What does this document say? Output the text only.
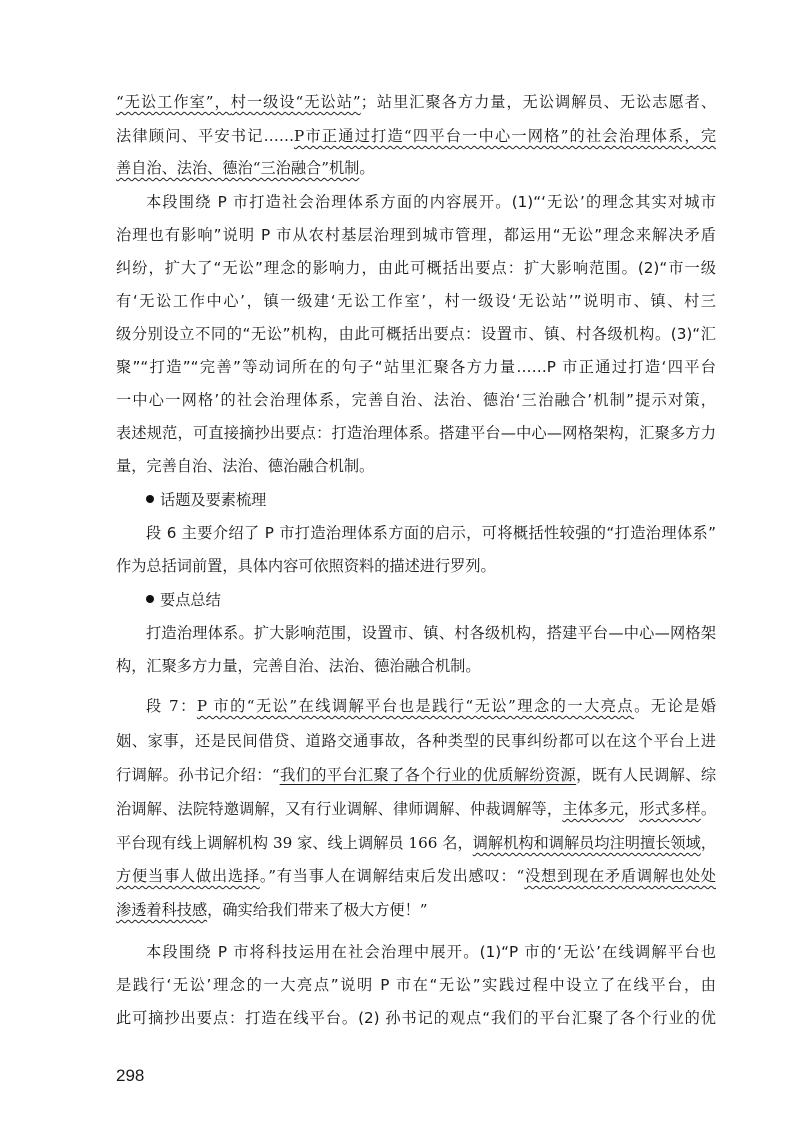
“无讼工作室”，村一级设“无讼站”；站里汇聚各方力量，无讼调解员、无讼志愿者、
法律顾问、平安书记……P市正通过打造“四平台一中心一网格”的社会治理体系，完
善自治、法治、德治“三治融合”机制。
本段围绕 P 市打造社会治理体系方面的内容展开。(1)“‘无讼’的理念其实对城市
治理也有影响”说明 P 市从农村基层治理到城市管理，都运用“无讼”理念来解决矛盾
纠纷，扩大了“无讼”理念的影响力，由此可概括出要点：扩大影响范围。(2)“市一级
有‘无讼工作中心’，镇一级建‘无讼工作室’，村一级设‘无讼站’”说明市、镇、村三
级分别设立不同的“无讼”机构，由此可概括出要点：设置市、镇、村各级机构。(3)“汇
聚”“打造”“完善”等动词所在的句子“站里汇聚各方力量……P 市正通过打造‘四平台
一中心一网格’的社会治理体系，完善自治、法治、德治‘三治融合’机制”提示对策，
表述规范，可直接摘抄出要点：打造治理体系。搭建平台—中心—网格架构，汇聚多方力
量，完善自治、法治、德治融合机制。
话题及要素梳理
段 6 主要介绍了 P 市打造治理体系方面的启示，可将概括性较强的“打造治理体系”
作为总括词前置，具体内容可依照资料的描述进行罗列。
要点总结
打造治理体系。扩大影响范围，设置市、镇、村各级机构，搭建平台—中心—网格架
构，汇聚多方力量，完善自治、法治、德治融合机制。
段 7：P 市的“无讼”在线调解平台也是践行“无讼”理念的一大亮点。无论是婚
姻、家事，还是民间借贷、道路交通事故，各种类型的民事纠纷都可以在这个平台上进
行调解。孙书记介绍：“我们的平台汇聚了各个行业的优质解纷资源，既有人民调解、综
治调解、法院特邀调解，又有行业调解、律师调解、仲裁调解等，主体多元，形式多样。
平台现有线上调解机构 39 家、线上调解员 166 名，调解机构和调解员均注明擅长领域，
方便当事人做出选择。”有当事人在调解结束后发出感叹：“没想到现在矛盾调解也处处
渗透着科技感，确实给我们带来了极大方便！”
本段围绕 P 市将科技运用在社会治理中展开。(1)“P 市的‘无讼’在线调解平台也
是践行‘无讼’理念的一大亮点”说明 P 市在“无讼”实践过程中设立了在线平台，由
此可摘抄出要点：打造在线平台。(2) 孙书记的观点“我们的平台汇聚了各个行业的优
298
